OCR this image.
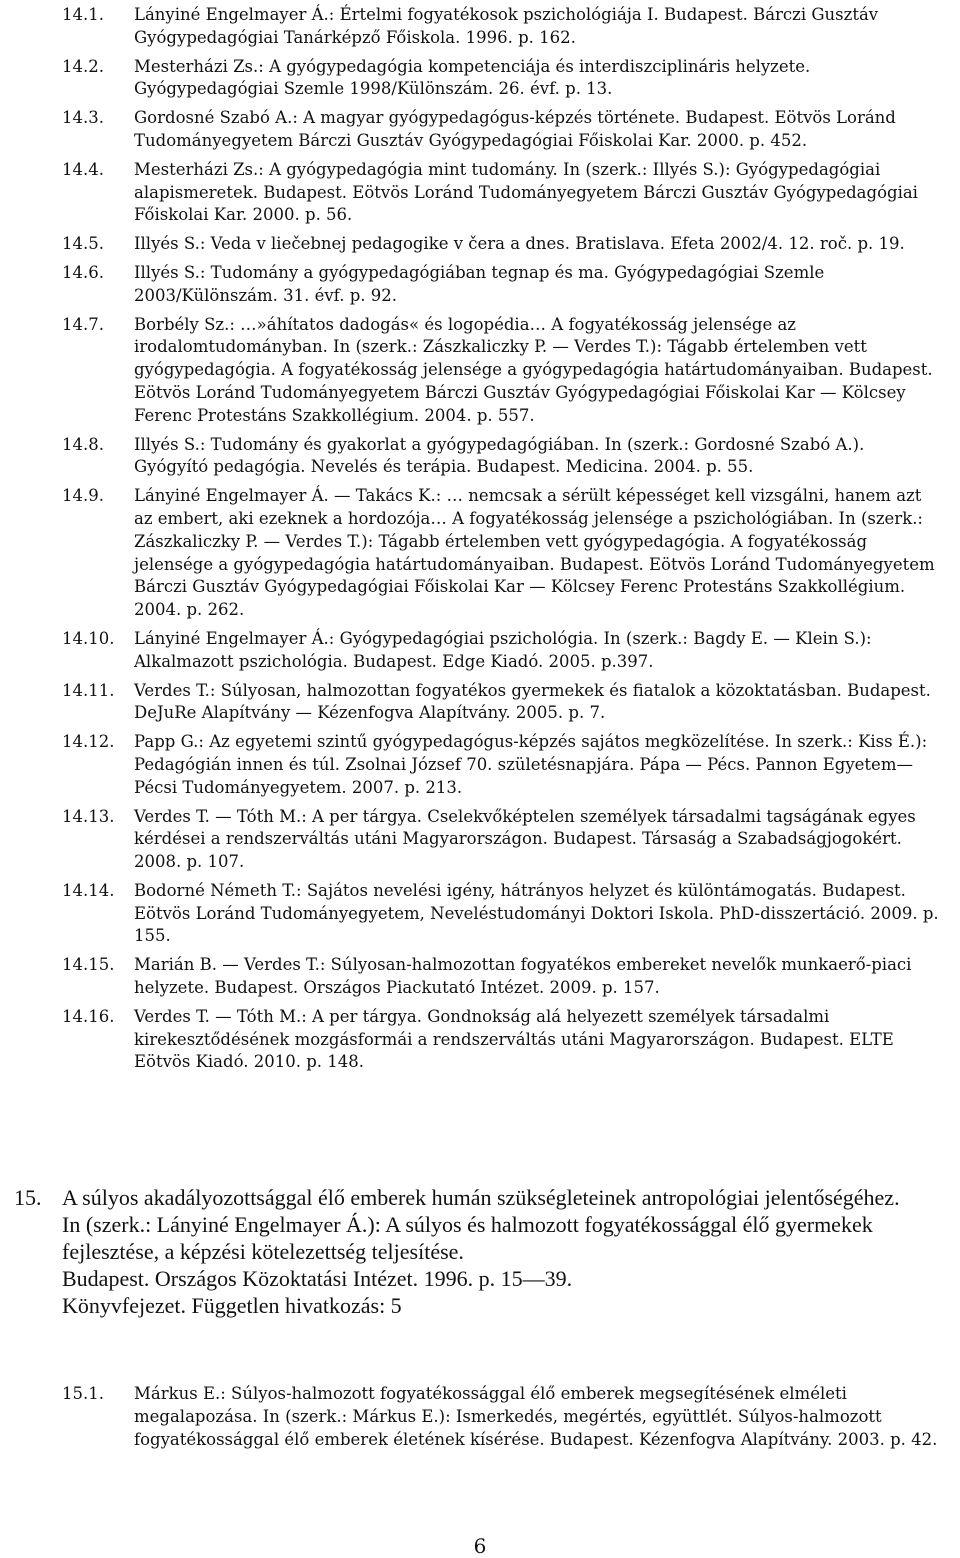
14.1.	Lányiné Engelmayer Á.: Értelmi fogyatékosok pszichológiája I. Budapest. Bárczi Gusztáv Gyógypedagógiai Tanárképző Főiskola. 1996. p. 162.
14.2.	Mesterházi Zs.: A gyógypedagógia kompetenciája és interdiszciplináris helyzete. Gyógypedagógiai Szemle 1998/Különszám. 26. évf. p. 13.
14.3.	Gordosné Szabó A.: A magyar gyógypedagógus-képzés története. Budapest. Eötvös Loránd Tudományegyetem Bárczi Gusztáv Gyógypedagógiai Főiskolai Kar. 2000. p. 452.
14.4.	Mesterházi Zs.: A gyógypedagógia mint tudomány. In (szerk.: Illyés S.): Gyógypedagógiai alapismeretek. Budapest. Eötvös Loránd Tudományegyetem Bárczi Gusztáv Gyógypedagógiai Főiskolai Kar. 2000. p. 56.
14.5.	Illyés S.: Veda v liečebnej pedagogike v čera a dnes. Bratislava. Efeta 2002/4. 12. roč. p. 19.
14.6.	Illyés S.: Tudomány a gyógypedagógiában tegnap és ma. Gyógypedagógiai Szemle 2003/Különszám. 31. évf. p. 92.
14.7.	Borbély Sz.: …»áhítatos dadogás« és logopédia… A fogyatékosság jelensége az irodalomtudományban. In (szerk.: Zászkaliczky P. — Verdes T.): Tágabb értelemben vett gyógypedagógia. A fogyatékosság jelensége a gyógypedagógia határtudományaiban. Budapest. Eötvös Loránd Tudományegyetem Bárczi Gusztáv Gyógypedagógiai Főiskolai Kar — Kölcsey Ferenc Protestáns Szakkollégium. 2004. p. 557.
14.8.	Illyés S.: Tudomány és gyakorlat a gyógypedagógiában. In (szerk.: Gordosné Szabó A.). Gyógyító pedagógia. Nevelés és terápia. Budapest. Medicina. 2004. p. 55.
14.9.	Lányiné Engelmayer Á. — Takács K.: … nemcsak a sérült képességet kell vizsgálni, hanem azt az embert, aki ezeknek a hordozója… A fogyatékosság jelensége a pszichológiában. In (szerk.: Zászkaliczky P. — Verdes T.): Tágabb értelemben vett gyógypedagógia. A fogyatékosság jelensége a gyógypedagógia határtudományaiban. Budapest. Eötvös Loránd Tudományegyetem Bárczi Gusztáv Gyógypedagógiai Főiskolai Kar — Kölcsey Ferenc Protestáns Szakkollégium. 2004. p. 262.
14.10.	Lányiné Engelmayer Á.: Gyógypedagógiai pszichológia. In (szerk.: Bagdy E. — Klein S.): Alkalmazott pszichológia. Budapest. Edge Kiadó. 2005. p.397.
14.11.	Verdes T.: Súlyosan, halmozottan fogyatékos gyermekek és fiatalok a közoktatásban. Budapest. DeJuRe Alapítvány — Kézenfogva Alapítvány. 2005. p. 7.
14.12.	Papp G.: Az egyetemi szintű gyógypedagógus-képzés sajátos megközelítése. In szerk.: Kiss É.): Pedagógián innen és túl. Zsolnai József 70. születésnapjára. Pápa — Pécs. Pannon Egyetem— Pécsi Tudományegyetem. 2007. p. 213.
14.13.	Verdes T. — Tóth M.: A per tárgya. Cselekvőképtelen személyek társadalmi tagságának egyes kérdései a rendszerváltás utáni Magyarországon. Budapest. Társaság a Szabadságjogokért. 2008. p. 107.
14.14.	Bodorné Németh T.: Sajátos nevelési igény, hátrányos helyzet és különtámogatás. Budapest. Eötvös Loránd Tudományegyetem, Neveléstudományi Doktori Iskola. PhD-disszertáció. 2009. p. 155.
14.15.	Marián B. — Verdes T.: Súlyosan-halmozottan fogyatékos embereket nevelők munkaerő-piaci helyzete. Budapest. Országos Piackutató Intézet. 2009. p. 157.
14.16.	Verdes T. — Tóth M.: A per tárgya. Gondnokság alá helyezett személyek társadalmi kirekesztődésének mozgásformái a rendszerváltás utáni Magyarországon. Budapest. ELTE Eötvös Kiadó. 2010. p. 148.
15. A súlyos akadályozottsággal élő emberek humán szükségleteinek antropológiai jelentőségéhez.
In (szerk.: Lányiné Engelmayer Á.): A súlyos és halmozott fogyatékossággal élő gyermekek fejlesztése, a képzési kötelezettség teljesítése.
Budapest. Országos Közoktatási Intézet. 1996. p. 15—39.
Könyvfejezet. Független hivatkozás: 5
15.1.	Márkus E.: Súlyos-halmozott fogyatékossággal élő emberek megsegítésének elméleti megalapozása. In (szerk.: Márkus E.): Ismerkedés, megértés, együttlét. Súlyos-halmozott fogyatékossággal élő emberek életének kísérése. Budapest. Kézenfogva Alapítvány. 2003. p. 42.
6
